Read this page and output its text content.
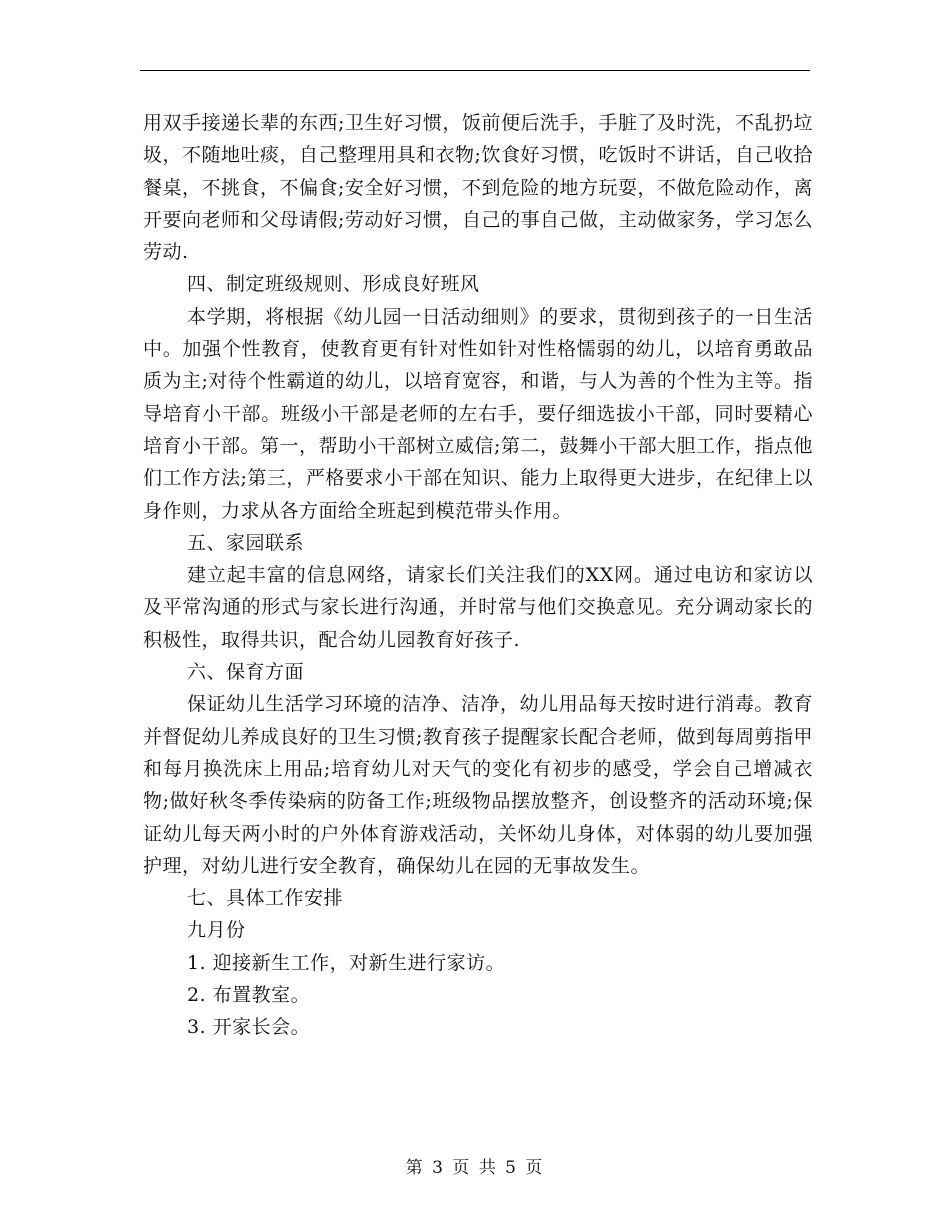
用双手接递长辈的东西;卫生好习惯，饭前便后洗手，手脏了及时洗，不乱扔垃圾，不随地吐痰，自己整理用具和衣物;饮食好习惯，吃饭时不讲话，自己收拾餐桌，不挑食，不偏食;安全好习惯，不到危险的地方玩耍，不做危险动作，离开要向老师和父母请假;劳动好习惯，自己的事自己做，主动做家务，学习怎么劳动.

四、制定班级规则、形成良好班风

本学期，将根据《幼儿园一日活动细则》的要求，贯彻到孩子的一日生活中。加强个性教育，使教育更有针对性如针对性格懦弱的幼儿，以培育勇敢品质为主;对待个性霸道的幼儿，以培育宽容，和谐，与人为善的个性为主等。指导培育小干部。班级小干部是老师的左右手，要仔细选拔小干部，同时要精心培育小干部。第一，帮助小干部树立威信;第二，鼓舞小干部大胆工作，指点他们工作方法;第三，严格要求小干部在知识、能力上取得更大进步，在纪律上以身作则，力求从各方面给全班起到模范带头作用。

五、家园联系

建立起丰富的信息网络，请家长们关注我们的XX网。通过电访和家访以及平常沟通的形式与家长进行沟通，并时常与他们交换意见。充分调动家长的积极性，取得共识，配合幼儿园教育好孩子.

六、保育方面

保证幼儿生活学习环境的洁净、洁净，幼儿用品每天按时进行消毒。教育并督促幼儿养成良好的卫生习惯;教育孩子提醒家长配合老师，做到每周剪指甲和每月换洗床上用品;培育幼儿对天气的变化有初步的感受，学会自己增减衣物;做好秋冬季传染病的防备工作;班级物品摆放整齐，创设整齐的活动环境;保证幼儿每天两小时的户外体育游戏活动，关怀幼儿身体，对体弱的幼儿要加强护理，对幼儿进行安全教育，确保幼儿在园的无事故发生。

七、具体工作安排

九月份

1. 迎接新生工作，对新生进行家访。

2. 布置教室。

3. 开家长会。

第 3 页 共 5 页
